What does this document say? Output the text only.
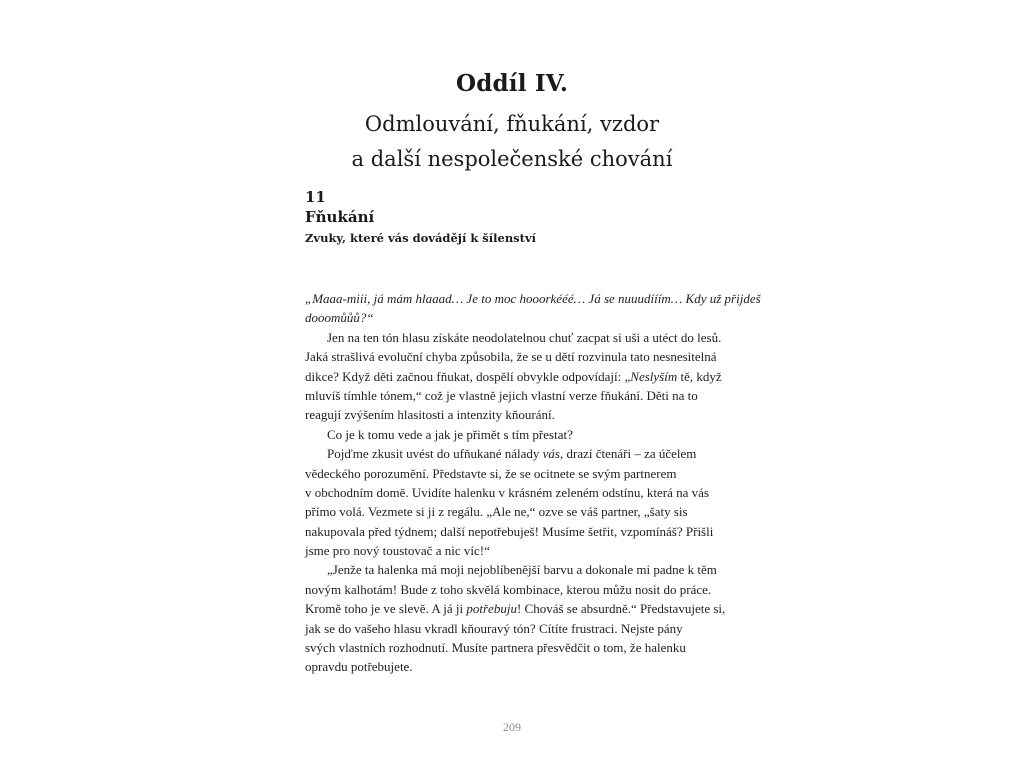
Oddíl IV.
Odmlouvání, fňukání, vzdor
a další nespolečenské chování
11
Fňukání
Zvuky, které vás dovádějí k šílenství
„Maaa-miii, já mám hlaaad… Je to moc hooorkééé… Já se nuuudííím… Kdy už přijdeš
dooomůůů?“
Jen na ten tón hlasu získáte neodolatelnou chuť zacpat si uši a utéct do lesů.
Jaká strašlivá evoluční chyba způsobila, že se u dětí rozvinula tato nesnesitelná
dikce? Když děti začnou fňukat, dospělí obvykle odpovídají: „Neslyším tě, když
mluvíš tímhle tónem,“ což je vlastně jejich vlastní verze fňukání. Děti na to
reagují zvýšením hlasitosti a intenzity kňourání.
Co je k tomu vede a jak je přimět s tím přestat?
Pojďme zkusit uvést do ufňukané nálady vás, drazí čtenáři – za účelem
vědeckého porozumění. Představte si, že se ocitnete se svým partnerem
v obchodním domě. Uvidíte halenku v krásném zeleném odstínu, která na vás
přímo volá. Vezmete si ji z regálu. „Ale ne,“ ozve se váš partner, „šaty sis
nakupovala před týdnem; další nepotřebuješ! Musíme šetřit, vzpomínáš? Přišli
jsme pro nový toustovač a nic víc!“
„Jenže ta halenka má moji nejoblíbenější barvu a dokonale mi padne k těm
novým kalhotám! Bude z toho skvělá kombinace, kterou můžu nosit do práce.
Kromě toho je ve slevě. A já ji potřebuju! Chováš se absurdně.“ Představujete si,
jak se do vašeho hlasu vkradl kňouravý tón? Cítíte frustraci. Nejste pány
svých vlastních rozhodnutí. Musíte partnera přesvědčit o tom, že halenku
opravdu potřebujete.
209
